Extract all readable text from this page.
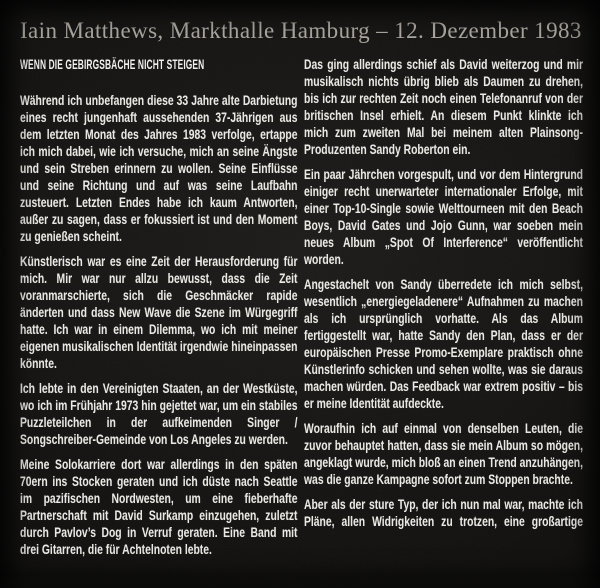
Iain Matthews, Markthalle Hamburg – 12. Dezember 1983
WENN DIE GEBIRGSBÄCHE NICHT STEIGEN

Während ich unbefangen diese 33 Jahre alte Darbietung eines recht jungenhaft aussehenden 37-Jährigen aus dem letzten Monat des Jahres 1983 verfolge, ertappe ich mich dabei, wie ich versuche, mich an seine Ängste und sein Streben erinnern zu wollen. Seine Einflüsse und seine Richtung und auf was seine Laufbahn zusteuert. Letzten Endes habe ich kaum Antworten, außer zu sagen, dass er fokussiert ist und den Moment zu genießen scheint.

Künstlerisch war es eine Zeit der Herausforderung für mich. Mir war nur allzu bewusst, dass die Zeit voranmarschierte, sich die Geschmäcker rapide änderten und dass New Wave die Szene im Würgegriff hatte. Ich war in einem Dilemma, wo ich mit meiner eigenen musikalischen Identität irgendwie hineinpassen könnte.

Ich lebte in den Vereinigten Staaten, an der Westküste, wo ich im Frühjahr 1973 hin gejettet war, um ein stabiles Puzzleteilchen in der aufkeimenden Singer / Songschreiber-Gemeinde von Los Angeles zu werden.

Meine Solokarriere dort war allerdings in den späten 70ern ins Stocken geraten und ich düste nach Seattle im pazifischen Nordwesten, um eine fieberhafte Partnerschaft mit David Surkamp einzugehen, zuletzt durch Pavlov’s Dog in Verruf geraten. Eine Band mit drei Gitarren, die für Achtelnoten lebte.

Das ging allerdings schief als David weiterzog und mir musikalisch nichts übrig blieb als Daumen zu drehen, bis ich zur rechten Zeit noch einen Telefonanruf von der britischen Insel erhielt. An diesem Punkt klinkte ich mich zum zweiten Mal bei meinem alten Plainsong-Produzenten Sandy Roberton ein.

Ein paar Jährchen vorgespult, und vor dem Hintergrund einiger recht unerwarteter internationaler Erfolge, mit einer Top-10-Single sowie Welttourneen mit den Beach Boys, David Gates und Jojo Gunn, war soeben mein neues Album „Spot Of Interference“ veröffentlicht worden.

Angestachelt von Sandy überredete ich mich selbst, wesentlich „energiegeladenere“ Aufnahmen zu machen als ich ursprünglich vorhatte. Als das Album fertiggestellt war, hatte Sandy den Plan, dass er der europäischen Presse Promo-Exemplare praktisch ohne Künstlerinfo schicken und sehen wollte, was sie daraus machen würden. Das Feedback war extrem positiv – bis er meine Identität aufdeckte.

Woraufhin ich auf einmal von denselben Leuten, die zuvor behauptet hatten, dass sie mein Album so mögen, angeklagt wurde, mich bloß an einen Trend anzuhängen, was die ganze Kampagne sofort zum Stoppen brachte.

Aber als der sture Typ, der ich nun mal war, machte ich Pläne, allen Widrigkeiten zu trotzen, eine großartige
